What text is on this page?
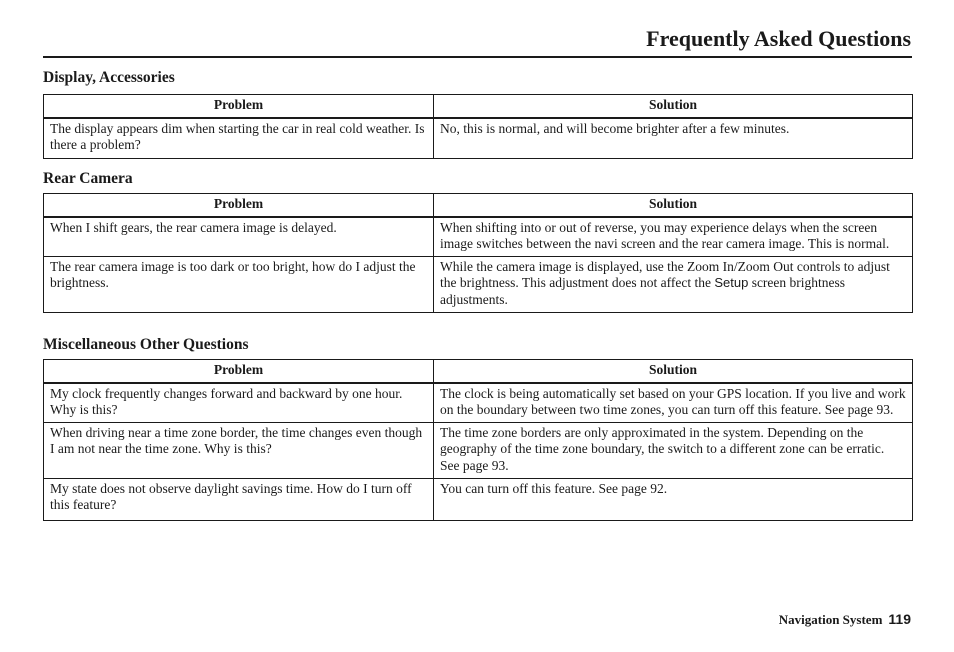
Frequently Asked Questions
Display, Accessories
Problem	Solution
The display appears dim when starting the car in real cold weather. Is there a problem?	No, this is normal, and will become brighter after a few minutes.
Rear Camera
Problem	Solution
When I shift gears, the rear camera image is delayed.	When shifting into or out of reverse, you may experience delays when the screen image switches between the navi screen and the rear camera image. This is normal.
The rear camera image is too dark or too bright, how do I adjust the brightness.	While the camera image is displayed, use the Zoom In/Zoom Out controls to adjust the brightness. This adjustment does not affect the Setup screen brightness adjustments.
Miscellaneous Other Questions
Problem	Solution
My clock frequently changes forward and backward by one hour. Why is this?	The clock is being automatically set based on your GPS location. If you live and work on the boundary between two time zones, you can turn off this feature. See page 93.
When driving near a time zone border, the time changes even though I am not near the time zone. Why is this?	The time zone borders are only approximated in the system. Depending on the geography of the time zone boundary, the switch to a different zone can be erratic. See page 93.
My state does not observe daylight savings time. How do I turn off this feature?	You can turn off this feature. See page 92.
Navigation System 119
